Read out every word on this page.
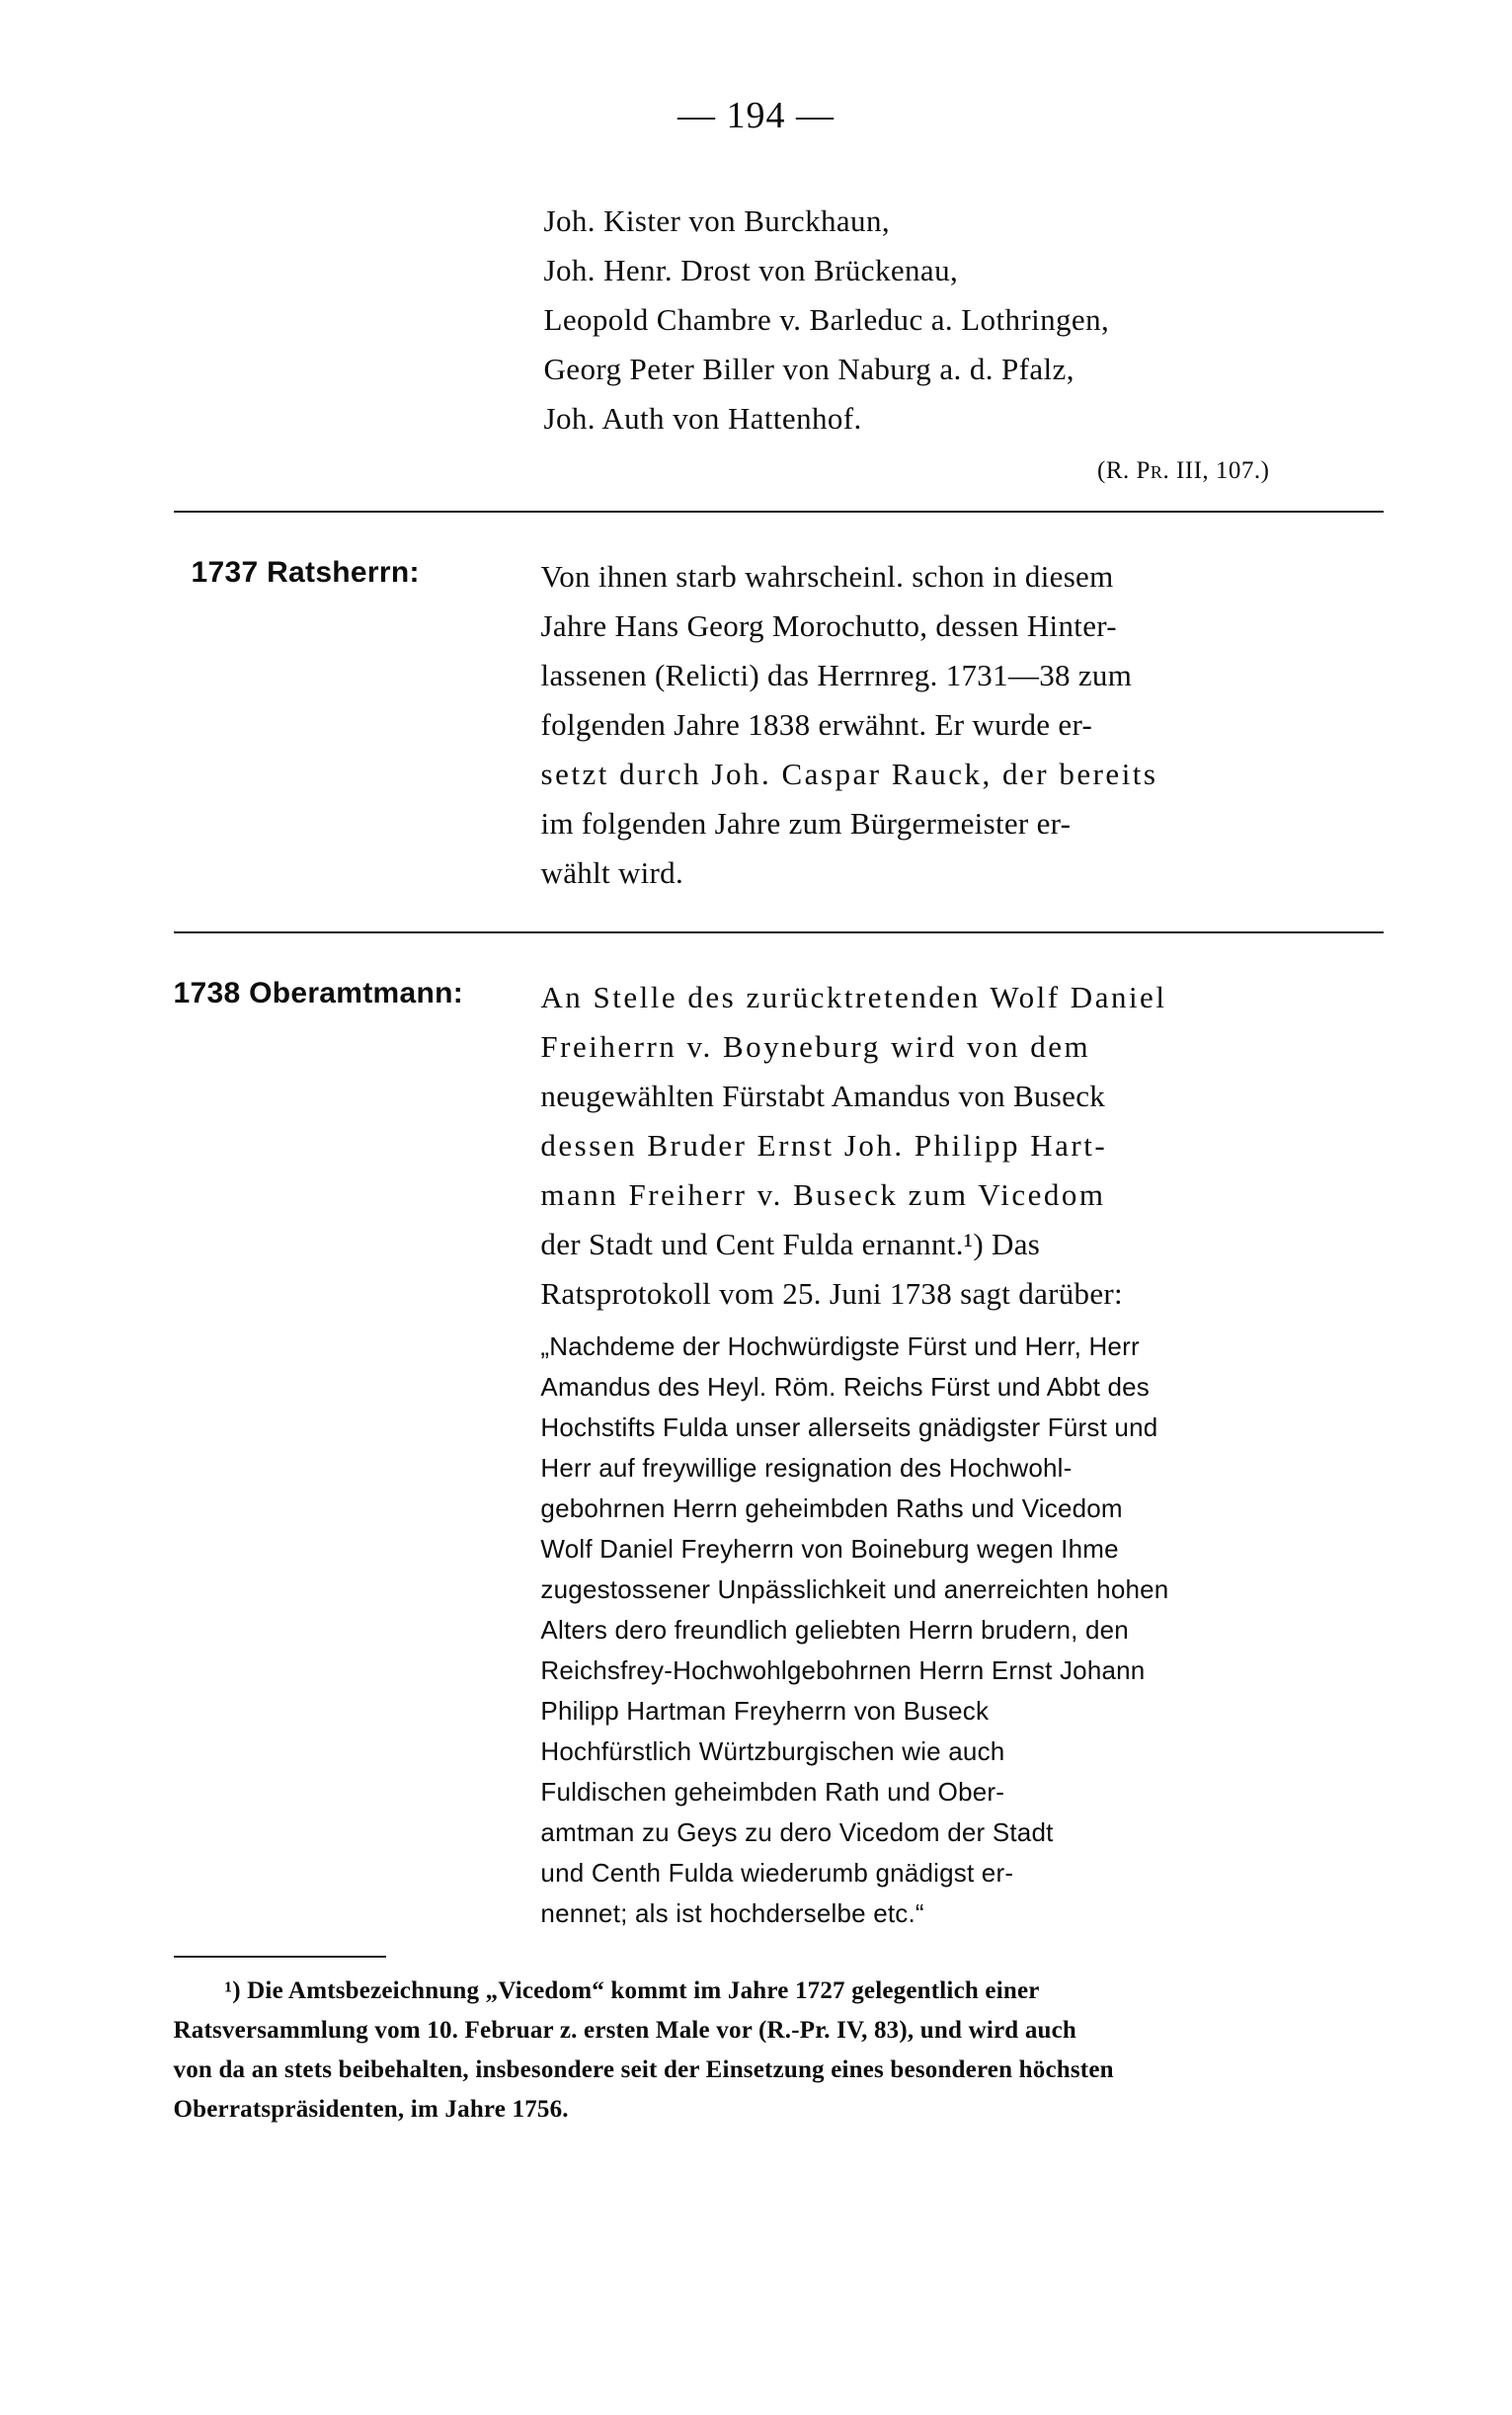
— 194 —
Joh. Kister von Burckhaun,
Joh. Henr. Drost von Brückenau,
Leopold Chambre v. Barleduc a. Lothringen,
Georg Peter Biller von Naburg a. d. Pfalz,
Joh. Auth von Hattenhof.
(R. Pr. III, 107.)
1737 Ratsherrn:	Von ihnen starb wahrscheinl. schon in diesem
Jahre Hans Georg Morochutto, dessen Hinter-
lassenen (Relicti) das Herrnreg. 1731—38 zum
folgenden Jahre 1838 erwähnt. Er wurde er-
setzt durch Joh. Caspar Rauck, der bereits
im folgenden Jahre zum Bürgermeister er-
wählt wird.
1738 Oberamtmann:	An Stelle des zurücktretenden Wolf Daniel
Freiherrn v. Boyneburg wird von dem
neugewählten Fürstabt Amandus von Buseck
dessen Bruder Ernst Joh. Philipp Hart-
mann Freiherr v. Buseck zum Vicedom
der Stadt und Cent Fulda ernannt.¹) Das
Ratsprotokoll vom 25. Juni 1738 sagt darüber:
„Nachdeme der Hochwürdigste Fürst und Herr, Herr
Amandus des Heyl. Röm. Reichs Fürst und Abbt des
Hochstifts Fulda unser allerseits gnädigster Fürst und
Herr auf freywillige resignation des Hochwohl-
gebohrnen Herrn geheimbden Raths und Vicedom
Wolf Daniel Freyherrn von Boineburg wegen Ihme
zugestossener Unpässlichkeit und anerreichten hohen
Alters dero freundlich geliebten Herrn brudern, den
Reichsfrey-Hochwohlgebohrnen Herrn Ernst Johann
Philipp Hartman Freyherrn von Buseck
Hochfürstlich Würtzburgischen wie auch
Fuldischen geheimbden Rath und Ober-
amtman zu Geys zu dero Vicedom der Stadt
und Centh Fulda wiederumb gnädigst er-
nennet; als ist hochderselbe etc.“
¹) Die Amtsbezeichnung „Vicedom“ kommt im Jahre 1727 gelegentlich einer
Ratsversammlung vom 10. Februar z. ersten Male vor (R.-Pr. IV, 83), und wird auch
von da an stets beibehalten, insbesondere seit der Einsetzung eines besonderen höchsten
Oberratspräsidenten, im Jahre 1756.
